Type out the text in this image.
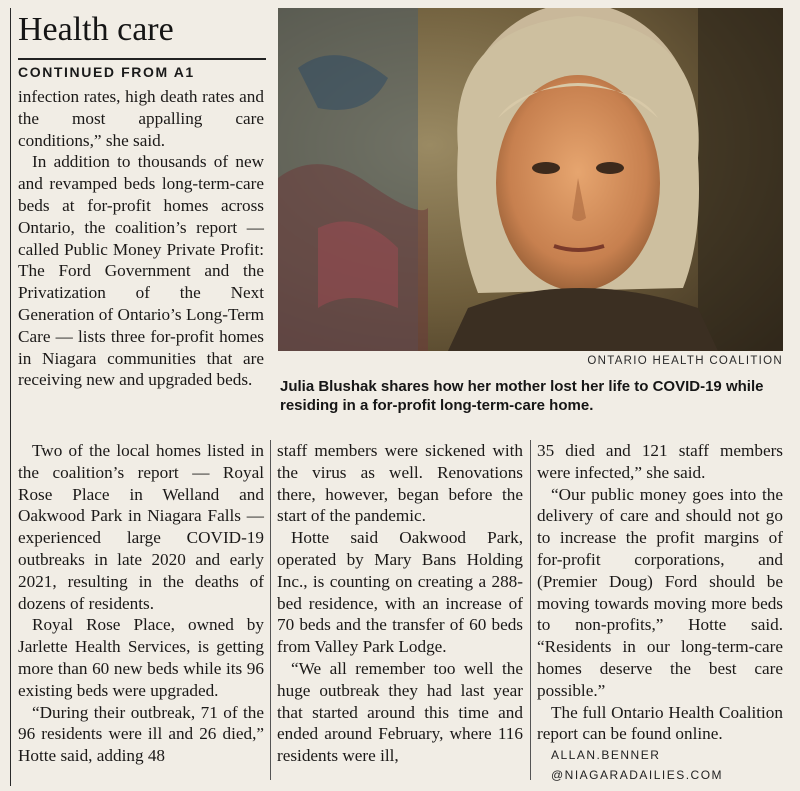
Health care
CONTINUED FROM A1

infection rates, high death rates and the most appalling care conditions,” she said.

In addition to thousands of new and revamped beds long-term-care beds at for-profit homes across Ontario, the coalition’s report — called Public Money Private Profit: The Ford Government and the Privatization of the Next Generation of Ontario’s Long-Term Care — lists three for-profit homes in Niagara communities that are receiving new and upgraded beds.

ONTARIO HEALTH COALITION
Julia Blushak shares how her mother lost her life to COVID-19 while residing in a for-profit long-term-care home.

Two of the local homes listed in the coalition’s report — Royal Rose Place in Welland and Oakwood Park in Niagara Falls — experienced large COVID-19 outbreaks in late 2020 and early 2021, resulting in the deaths of dozens of residents.

Royal Rose Place, owned by Jarlette Health Services, is getting more than 60 new beds while its 96 existing beds were upgraded.

“During their outbreak, 71 of the 96 residents were ill and 26 died,” Hotte said, adding 48

staff members were sickened with the virus as well. Renovations there, however, began before the start of the pandemic.

Hotte said Oakwood Park, operated by Mary Bans Holding Inc., is counting on creating a 288-bed residence, with an increase of 70 beds and the transfer of 60 beds from Valley Park Lodge.

“We all remember too well the huge outbreak they had last year that started around this time and ended around February, where 116 residents were ill,

35 died and 121 staff members were infected,” she said.

“Our public money goes into the delivery of care and should not go to increase the profit margins of for-profit corporations, and (Premier Doug) Ford should be moving towards moving more beds to non-profits,” Hotte said. “Residents in our long-term-care homes deserve the best care possible.”

The full Ontario Health Coalition report can be found online.

ALLAN.BENNER

@NIAGARADAILIES.COM
